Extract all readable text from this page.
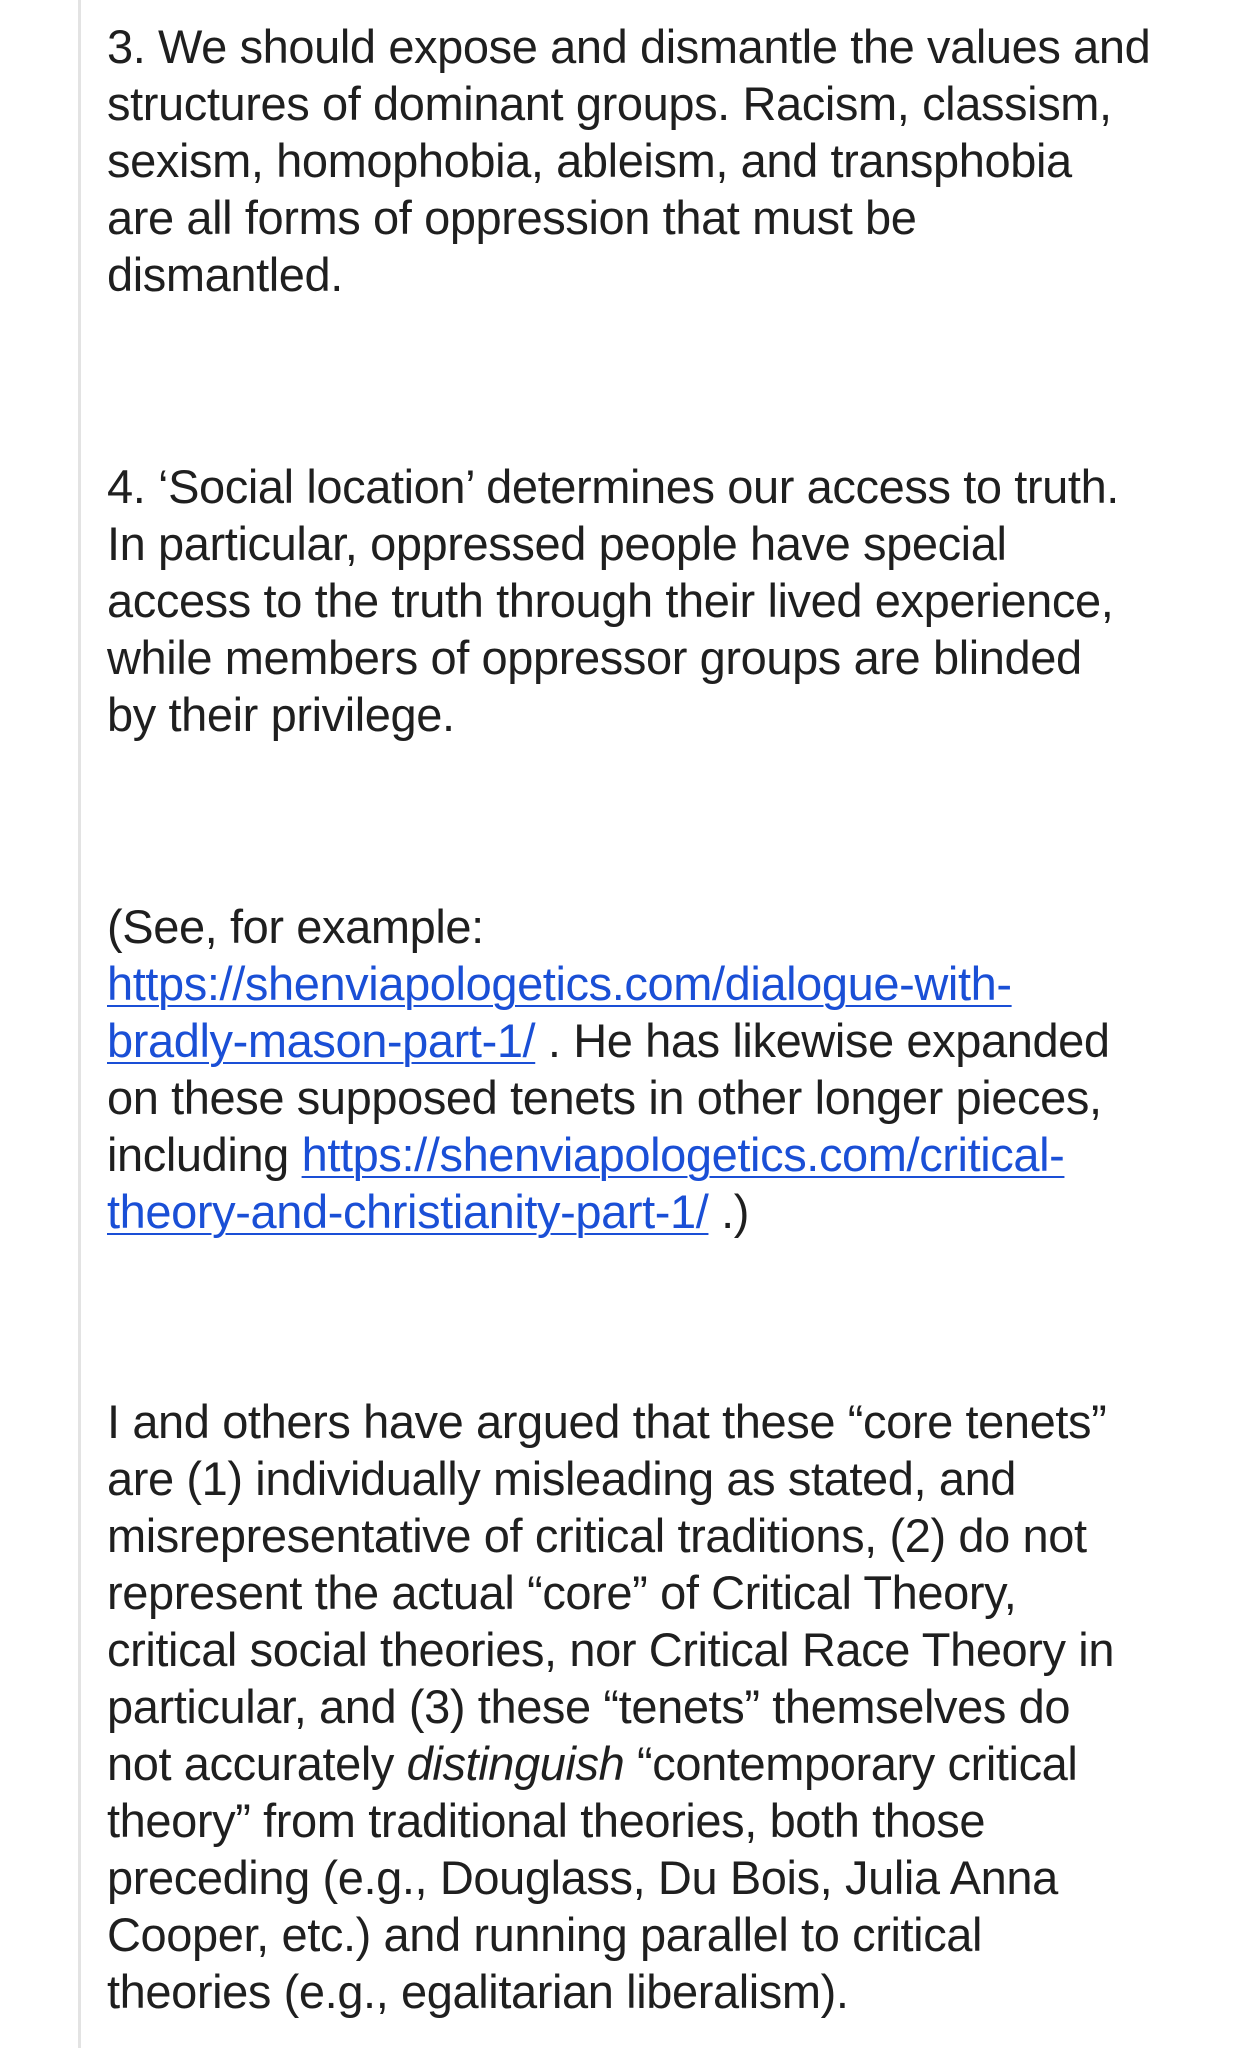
3. We should expose and dismantle the values and
structures of dominant groups. Racism, classism,
sexism, homophobia, ableism, and transphobia
are all forms of oppression that must be
dismantled.

4. ‘Social location’ determines our access to truth.
In particular, oppressed people have special
access to the truth through their lived experience,
while members of oppressor groups are blinded
by their privilege.

(See, for example:
https://shenviapologetics.com/dialogue-with-
bradly-mason-part-1/ . He has likewise expanded
on these supposed tenets in other longer pieces,
including https://shenviapologetics.com/critical-
theory-and-christianity-part-1/ .)

I and others have argued that these “core tenets”
are (1) individually misleading as stated, and
misrepresentative of critical traditions, (2) do not
represent the actual “core” of Critical Theory,
critical social theories, nor Critical Race Theory in
particular, and (3) these “tenets” themselves do
not accurately distinguish “contemporary critical
theory” from traditional theories, both those
preceding (e.g., Douglass, Du Bois, Julia Anna
Cooper, etc.) and running parallel to critical
theories (e.g., egalitarian liberalism).
